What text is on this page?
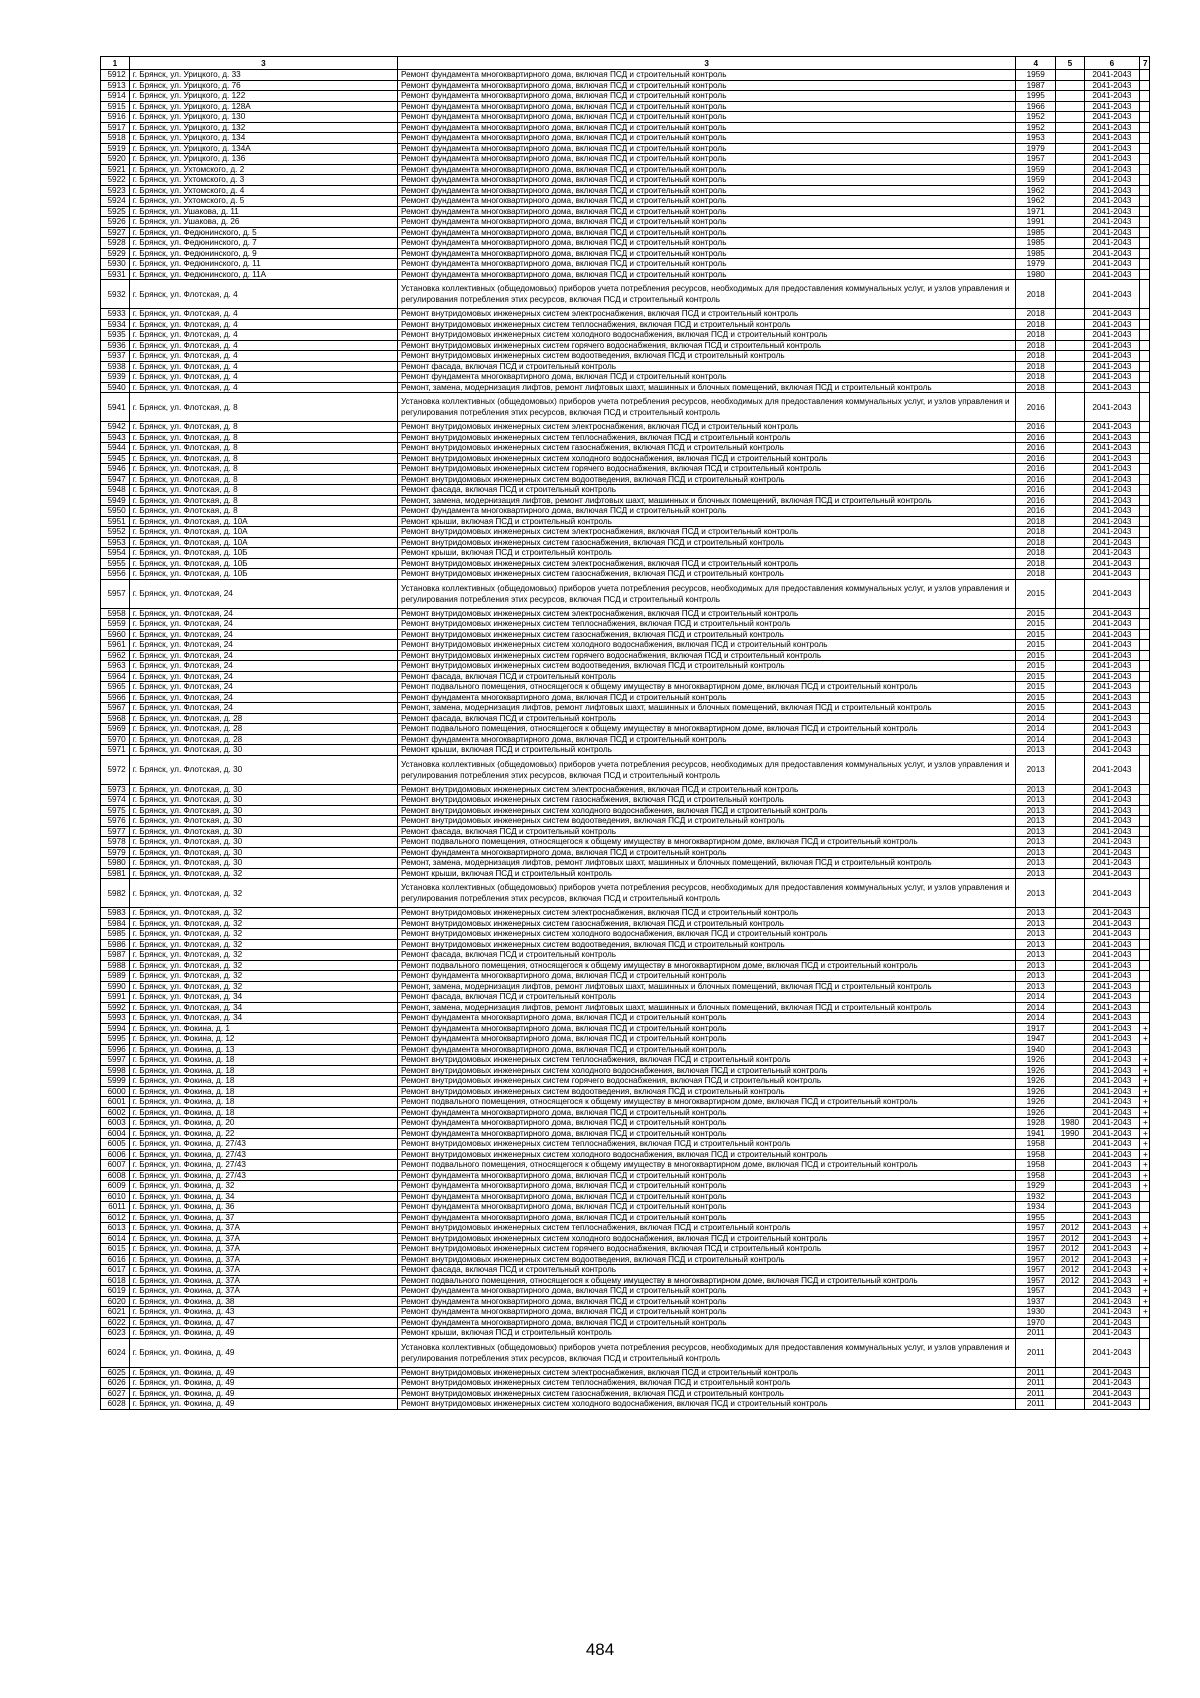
1	3	3	4	5	6	7
5912	г. Брянск, ул. Урицкого, д. 33	Ремонт фундамента многоквартирного дома, включая ПСД и строительный контроль	1959		2041-2043	
5913	г. Брянск, ул. Урицкого, д. 76	Ремонт фундамента многоквартирного дома, включая ПСД и строительный контроль	1987		2041-2043	
5914	г. Брянск, ул. Урицкого, д. 122	Ремонт фундамента многоквартирного дома, включая ПСД и строительный контроль	1995		2041-2043	
5915	г. Брянск, ул. Урицкого, д. 128А	Ремонт фундамента многоквартирного дома, включая ПСД и строительный контроль	1966		2041-2043	
5916	г. Брянск, ул. Урицкого, д. 130	Ремонт фундамента многоквартирного дома, включая ПСД и строительный контроль	1952		2041-2043	
5917	г. Брянск, ул. Урицкого, д. 132	Ремонт фундамента многоквартирного дома, включая ПСД и строительный контроль	1952		2041-2043	
5918	г. Брянск, ул. Урицкого, д. 134	Ремонт фундамента многоквартирного дома, включая ПСД и строительный контроль	1953		2041-2043	
5919	г. Брянск, ул. Урицкого, д. 134А	Ремонт фундамента многоквартирного дома, включая ПСД и строительный контроль	1979		2041-2043	
5920	г. Брянск, ул. Урицкого, д. 136	Ремонт фундамента многоквартирного дома, включая ПСД и строительный контроль	1957		2041-2043	
5921	г. Брянск, ул. Ухтомского, д. 2	Ремонт фундамента многоквартирного дома, включая ПСД и строительный контроль	1959		2041-2043	
5922	г. Брянск, ул. Ухтомского, д. 3	Ремонт фундамента многоквартирного дома, включая ПСД и строительный контроль	1959		2041-2043	
5923	г. Брянск, ул. Ухтомского, д. 4	Ремонт фундамента многоквартирного дома, включая ПСД и строительный контроль	1962		2041-2043	
5924	г. Брянск, ул. Ухтомского, д. 5	Ремонт фундамента многоквартирного дома, включая ПСД и строительный контроль	1962		2041-2043	
5925	г. Брянск, ул. Ушакова, д. 11	Ремонт фундамента многоквартирного дома, включая ПСД и строительный контроль	1971		2041-2043	
5926	г. Брянск, ул. Ушакова, д. 26	Ремонт фундамента многоквартирного дома, включая ПСД и строительный контроль	1991		2041-2043	
5927	г. Брянск, ул. Федюнинского, д. 5	Ремонт фундамента многоквартирного дома, включая ПСД и строительный контроль	1985		2041-2043	
5928	г. Брянск, ул. Федюнинского, д. 7	Ремонт фундамента многоквартирного дома, включая ПСД и строительный контроль	1985		2041-2043	
5929	г. Брянск, ул. Федюнинского, д. 9	Ремонт фундамента многоквартирного дома, включая ПСД и строительный контроль	1985		2041-2043	
5930	г. Брянск, ул. Федюнинского, д. 11	Ремонт фундамента многоквартирного дома, включая ПСД и строительный контроль	1979		2041-2043	
5931	г. Брянск, ул. Федюнинского, д. 11А	Ремонт фундамента многоквартирного дома, включая ПСД и строительный контроль	1980		2041-2043	
5932	г. Брянск, ул. Флотская, д. 4	Установка коллективных (общедомовых) приборов учета потребления ресурсов, необходимых для предоставления коммунальных услуг, и узлов управления и регулирования потребления этих ресурсов, включая ПСД и строительный контроль	2018		2041-2043	
5933	г. Брянск, ул. Флотская, д. 4	Ремонт внутридомовых инженерных систем электроснабжения, включая ПСД и строительный контроль	2018		2041-2043	
5934	г. Брянск, ул. Флотская, д. 4	Ремонт внутридомовых инженерных систем теплоснабжения, включая ПСД и строительный контроль	2018		2041-2043	
5935	г. Брянск, ул. Флотская, д. 4	Ремонт внутридомовых инженерных систем холодного водоснабжения, включая ПСД и строительный контроль	2018		2041-2043	
5936	г. Брянск, ул. Флотская, д. 4	Ремонт внутридомовых инженерных систем горячего водоснабжения, включая ПСД и строительный контроль	2018		2041-2043	
5937	г. Брянск, ул. Флотская, д. 4	Ремонт внутридомовых инженерных систем водоотведения, включая ПСД и строительный контроль	2018		2041-2043	
5938	г. Брянск, ул. Флотская, д. 4	Ремонт фасада, включая ПСД и строительный контроль	2018		2041-2043	
5939	г. Брянск, ул. Флотская, д. 4	Ремонт фундамента многоквартирного дома, включая ПСД и строительный контроль	2018		2041-2043	
5940	г. Брянск, ул. Флотская, д. 4	Ремонт, замена, модернизация лифтов, ремонт лифтовых шахт, машинных и блочных помещений, включая ПСД и строительный контроль	2018		2041-2043	
5941	г. Брянск, ул. Флотская, д. 8	Установка коллективных (общедомовых) приборов учета потребления ресурсов, необходимых для предоставления коммунальных услуг, и узлов управления и регулирования потребления этих ресурсов, включая ПСД и строительный контроль	2016		2041-2043	
5942	г. Брянск, ул. Флотская, д. 8	Ремонт внутридомовых инженерных систем электроснабжения, включая ПСД и строительный контроль	2016		2041-2043	
5943	г. Брянск, ул. Флотская, д. 8	Ремонт внутридомовых инженерных систем теплоснабжения, включая ПСД и строительный контроль	2016		2041-2043	
5944	г. Брянск, ул. Флотская, д. 8	Ремонт внутридомовых инженерных систем газоснабжения, включая ПСД и строительный контроль	2016		2041-2043	
5945	г. Брянск, ул. Флотская, д. 8	Ремонт внутридомовых инженерных систем холодного водоснабжения, включая ПСД и строительный контроль	2016		2041-2043	
5946	г. Брянск, ул. Флотская, д. 8	Ремонт внутридомовых инженерных систем горячего водоснабжения, включая ПСД и строительный контроль	2016		2041-2043	
5947	г. Брянск, ул. Флотская, д. 8	Ремонт внутридомовых инженерных систем водоотведения, включая ПСД и строительный контроль	2016		2041-2043	
5948	г. Брянск, ул. Флотская, д. 8	Ремонт фасада, включая ПСД и строительный контроль	2016		2041-2043	
5949	г. Брянск, ул. Флотская, д. 8	Ремонт, замена, модернизация лифтов, ремонт лифтовых шахт, машинных и блочных помещений, включая ПСД и строительный контроль	2016		2041-2043	
5950	г. Брянск, ул. Флотская, д. 8	Ремонт фундамента многоквартирного дома, включая ПСД и строительный контроль	2016		2041-2043	
5951	г. Брянск, ул. Флотская, д. 10А	Ремонт крыши, включая ПСД и строительный контроль	2018		2041-2043	
5952	г. Брянск, ул. Флотская, д. 10А	Ремонт внутридомовых инженерных систем электроснабжения, включая ПСД и строительный контроль	2018		2041-2043	
5953	г. Брянск, ул. Флотская, д. 10А	Ремонт внутридомовых инженерных систем газоснабжения, включая ПСД и строительный контроль	2018		2041-2043	
5954	г. Брянск, ул. Флотская, д. 10Б	Ремонт крыши, включая ПСД и строительный контроль	2018		2041-2043	
5955	г. Брянск, ул. Флотская, д. 10Б	Ремонт внутридомовых инженерных систем электроснабжения, включая ПСД и строительный контроль	2018		2041-2043	
5956	г. Брянск, ул. Флотская, д. 10Б	Ремонт внутридомовых инженерных систем газоснабжения, включая ПСД и строительный контроль	2018		2041-2043	
5957	г. Брянск, ул. Флотская, 24	Установка коллективных (общедомовых) приборов учета потребления ресурсов, необходимых для предоставления коммунальных услуг, и узлов управления и регулирования потребления этих ресурсов, включая ПСД и строительный контроль	2015		2041-2043	
5958	г. Брянск, ул. Флотская, 24	Ремонт внутридомовых инженерных систем электроснабжения, включая ПСД и строительный контроль	2015		2041-2043	
5959	г. Брянск, ул. Флотская, 24	Ремонт внутридомовых инженерных систем теплоснабжения, включая ПСД и строительный контроль	2015		2041-2043	
5960	г. Брянск, ул. Флотская, 24	Ремонт внутридомовых инженерных систем газоснабжения, включая ПСД и строительный контроль	2015		2041-2043	
5961	г. Брянск, ул. Флотская, 24	Ремонт внутридомовых инженерных систем холодного водоснабжения, включая ПСД и строительный контроль	2015		2041-2043	
5962	г. Брянск, ул. Флотская, 24	Ремонт внутридомовых инженерных систем горячего водоснабжения, включая ПСД и строительный контроль	2015		2041-2043	
5963	г. Брянск, ул. Флотская, 24	Ремонт внутридомовых инженерных систем водоотведения, включая ПСД и строительный контроль	2015		2041-2043	
5964	г. Брянск, ул. Флотская, 24	Ремонт фасада, включая ПСД и строительный контроль	2015		2041-2043	
5965	г. Брянск, ул. Флотская, 24	Ремонт подвального помещения, относящегося к общему имуществу в многоквартирном доме, включая ПСД и строительный контроль	2015		2041-2043	
5966	г. Брянск, ул. Флотская, 24	Ремонт фундамента многоквартирного дома, включая ПСД и строительный контроль	2015		2041-2043	
5967	г. Брянск, ул. Флотская, 24	Ремонт, замена, модернизация лифтов, ремонт лифтовых шахт, машинных и блочных помещений, включая ПСД и строительный контроль	2015		2041-2043	
5968	г. Брянск, ул. Флотская, д. 28	Ремонт фасада, включая ПСД и строительный контроль	2014		2041-2043	
5969	г. Брянск, ул. Флотская, д. 28	Ремонт подвального помещения, относящегося к общему имуществу в многоквартирном доме, включая ПСД и строительный контроль	2014		2041-2043	
5970	г. Брянск, ул. Флотская, д. 28	Ремонт фундамента многоквартирного дома, включая ПСД и строительный контроль	2014		2041-2043	
5971	г. Брянск, ул. Флотская, д. 30	Ремонт крыши, включая ПСД и строительный контроль	2013		2041-2043	
5972	г. Брянск, ул. Флотская, д. 30	Установка коллективных (общедомовых) приборов учета потребления ресурсов, необходимых для предоставления коммунальных услуг, и узлов управления и регулирования потребления этих ресурсов, включая ПСД и строительный контроль	2013		2041-2043	
5973	г. Брянск, ул. Флотская, д. 30	Ремонт внутридомовых инженерных систем электроснабжения, включая ПСД и строительный контроль	2013		2041-2043	
5974	г. Брянск, ул. Флотская, д. 30	Ремонт внутридомовых инженерных систем газоснабжения, включая ПСД и строительный контроль	2013		2041-2043	
5975	г. Брянск, ул. Флотская, д. 30	Ремонт внутридомовых инженерных систем холодного водоснабжения, включая ПСД и строительный контроль	2013		2041-2043	
5976	г. Брянск, ул. Флотская, д. 30	Ремонт внутридомовых инженерных систем водоотведения, включая ПСД и строительный контроль	2013		2041-2043	
5977	г. Брянск, ул. Флотская, д. 30	Ремонт фасада, включая ПСД и строительный контроль	2013		2041-2043	
5978	г. Брянск, ул. Флотская, д. 30	Ремонт подвального помещения, относящегося к общему имуществу в многоквартирном доме, включая ПСД и строительный контроль	2013		2041-2043	
5979	г. Брянск, ул. Флотская, д. 30	Ремонт фундамента многоквартирного дома, включая ПСД и строительный контроль	2013		2041-2043	
5980	г. Брянск, ул. Флотская, д. 30	Ремонт, замена, модернизация лифтов, ремонт лифтовых шахт, машинных и блочных помещений, включая ПСД и строительный контроль	2013		2041-2043	
5981	г. Брянск, ул. Флотская, д. 32	Ремонт крыши, включая ПСД и строительный контроль	2013		2041-2043	
5982	г. Брянск, ул. Флотская, д. 32	Установка коллективных (общедомовых) приборов учета потребления ресурсов, необходимых для предоставления коммунальных услуг, и узлов управления и регулирования потребления этих ресурсов, включая ПСД и строительный контроль	2013		2041-2043	
5983	г. Брянск, ул. Флотская, д. 32	Ремонт внутридомовых инженерных систем электроснабжения, включая ПСД и строительный контроль	2013		2041-2043	
5984	г. Брянск, ул. Флотская, д. 32	Ремонт внутридомовых инженерных систем газоснабжения, включая ПСД и строительный контроль	2013		2041-2043	
5985	г. Брянск, ул. Флотская, д. 32	Ремонт внутридомовых инженерных систем холодного водоснабжения, включая ПСД и строительный контроль	2013		2041-2043	
5986	г. Брянск, ул. Флотская, д. 32	Ремонт внутридомовых инженерных систем водоотведения, включая ПСД и строительный контроль	2013		2041-2043	
5987	г. Брянск, ул. Флотская, д. 32	Ремонт фасада, включая ПСД и строительный контроль	2013		2041-2043	
5988	г. Брянск, ул. Флотская, д. 32	Ремонт подвального помещения, относящегося к общему имуществу в многоквартирном доме, включая ПСД и строительный контроль	2013		2041-2043	
5989	г. Брянск, ул. Флотская, д. 32	Ремонт фундамента многоквартирного дома, включая ПСД и строительный контроль	2013		2041-2043	
5990	г. Брянск, ул. Флотская, д. 32	Ремонт, замена, модернизация лифтов, ремонт лифтовых шахт, машинных и блочных помещений, включая ПСД и строительный контроль	2013		2041-2043	
5991	г. Брянск, ул. Флотская, д. 34	Ремонт фасада, включая ПСД и строительный контроль	2014		2041-2043	
5992	г. Брянск, ул. Флотская, д. 34	Ремонт, замена, модернизация лифтов, ремонт лифтовых шахт, машинных и блочных помещений, включая ПСД и строительный контроль	2014		2041-2043	
5993	г. Брянск, ул. Флотская, д. 34	Ремонт фундамента многоквартирного дома, включая ПСД и строительный контроль	2014		2041-2043	
5994	г. Брянск, ул. Фокина, д. 1	Ремонт фундамента многоквартирного дома, включая ПСД и строительный контроль	1917		2041-2043	+
5995	г. Брянск, ул. Фокина, д. 12	Ремонт фундамента многоквартирного дома, включая ПСД и строительный контроль	1947		2041-2043	+
5996	г. Брянск, ул. Фокина, д. 13	Ремонт фундамента многоквартирного дома, включая ПСД и строительный контроль	1940		2041-2043	
5997	г. Брянск, ул. Фокина, д. 18	Ремонт внутридомовых инженерных систем теплоснабжения, включая ПСД и строительный контроль	1926		2041-2043	+
5998	г. Брянск, ул. Фокина, д. 18	Ремонт внутридомовых инженерных систем холодного водоснабжения, включая ПСД и строительный контроль	1926		2041-2043	+
5999	г. Брянск, ул. Фокина, д. 18	Ремонт внутридомовых инженерных систем горячего водоснабжения, включая ПСД и строительный контроль	1926		2041-2043	+
6000	г. Брянск, ул. Фокина, д. 18	Ремонт внутридомовых инженерных систем водоотведения, включая ПСД и строительный контроль	1926		2041-2043	+
6001	г. Брянск, ул. Фокина, д. 18	Ремонт подвального помещения, относящегося к общему имуществу в многоквартирном доме, включая ПСД и строительный контроль	1926		2041-2043	+
6002	г. Брянск, ул. Фокина, д. 18	Ремонт фундамента многоквартирного дома, включая ПСД и строительный контроль	1926		2041-2043	+
6003	г. Брянск, ул. Фокина, д. 20	Ремонт фундамента многоквартирного дома, включая ПСД и строительный контроль	1928	1980	2041-2043	+
6004	г. Брянск, ул. Фокина, д. 22	Ремонт фундамента многоквартирного дома, включая ПСД и строительный контроль	1941	1990	2041-2043	+
6005	г. Брянск, ул. Фокина, д. 27/43	Ремонт внутридомовых инженерных систем теплоснабжения, включая ПСД и строительный контроль	1958		2041-2043	+
6006	г. Брянск, ул. Фокина, д. 27/43	Ремонт внутридомовых инженерных систем холодного водоснабжения, включая ПСД и строительный контроль	1958		2041-2043	+
6007	г. Брянск, ул. Фокина, д. 27/43	Ремонт подвального помещения, относящегося к общему имуществу в многоквартирном доме, включая ПСД и строительный контроль	1958		2041-2043	+
6008	г. Брянск, ул. Фокина, д. 27/43	Ремонт фундамента многоквартирного дома, включая ПСД и строительный контроль	1958		2041-2043	+
6009	г. Брянск, ул. Фокина, д. 32	Ремонт фундамента многоквартирного дома, включая ПСД и строительный контроль	1929		2041-2043	+
6010	г. Брянск, ул. Фокина, д. 34	Ремонт фундамента многоквартирного дома, включая ПСД и строительный контроль	1932		2041-2043	
6011	г. Брянск, ул. Фокина, д. 36	Ремонт фундамента многоквартирного дома, включая ПСД и строительный контроль	1934		2041-2043	
6012	г. Брянск, ул. Фокина, д. 37	Ремонт фундамента многоквартирного дома, включая ПСД и строительный контроль	1955		2041-2043	
6013	г. Брянск, ул. Фокина, д. 37А	Ремонт внутридомовых инженерных систем теплоснабжения, включая ПСД и строительный контроль	1957	2012	2041-2043	+
6014	г. Брянск, ул. Фокина, д. 37А	Ремонт внутридомовых инженерных систем холодного водоснабжения, включая ПСД и строительный контроль	1957	2012	2041-2043	+
6015	г. Брянск, ул. Фокина, д. 37А	Ремонт внутридомовых инженерных систем горячего водоснабжения, включая ПСД и строительный контроль	1957	2012	2041-2043	+
6016	г. Брянск, ул. Фокина, д. 37А	Ремонт внутридомовых инженерных систем водоотведения, включая ПСД и строительный контроль	1957	2012	2041-2043	+
6017	г. Брянск, ул. Фокина, д. 37А	Ремонт фасада, включая ПСД и строительный контроль	1957	2012	2041-2043	+
6018	г. Брянск, ул. Фокина, д. 37А	Ремонт подвального помещения, относящегося к общему имуществу в многоквартирном доме, включая ПСД и строительный контроль	1957	2012	2041-2043	+
6019	г. Брянск, ул. Фокина, д. 37А	Ремонт фундамента многоквартирного дома, включая ПСД и строительный контроль	1957		2041-2043	+
6020	г. Брянск, ул. Фокина, д. 38	Ремонт фундамента многоквартирного дома, включая ПСД и строительный контроль	1937		2041-2043	+
6021	г. Брянск, ул. Фокина, д. 43	Ремонт фундамента многоквартирного дома, включая ПСД и строительный контроль	1930		2041-2043	+
6022	г. Брянск, ул. Фокина, д. 47	Ремонт фундамента многоквартирного дома, включая ПСД и строительный контроль	1970		2041-2043	
6023	г. Брянск, ул. Фокина, д. 49	Ремонт крыши, включая ПСД и строительный контроль	2011		2041-2043	
6024	г. Брянск, ул. Фокина, д. 49	Установка коллективных (общедомовых) приборов учета потребления ресурсов, необходимых для предоставления коммунальных услуг, и узлов управления и регулирования потребления этих ресурсов, включая ПСД и строительный контроль	2011		2041-2043	
6025	г. Брянск, ул. Фокина, д. 49	Ремонт внутридомовых инженерных систем электроснабжения, включая ПСД и строительный контроль	2011		2041-2043	
6026	г. Брянск, ул. Фокина, д. 49	Ремонт внутридомовых инженерных систем теплоснабжения, включая ПСД и строительный контроль	2011		2041-2043	
6027	г. Брянск, ул. Фокина, д. 49	Ремонт внутридомовых инженерных систем газоснабжения, включая ПСД и строительный контроль	2011		2041-2043	
6028	г. Брянск, ул. Фокина, д. 49	Ремонт внутридомовых инженерных систем холодного водоснабжения, включая ПСД и строительный контроль	2011		2041-2043	
484
